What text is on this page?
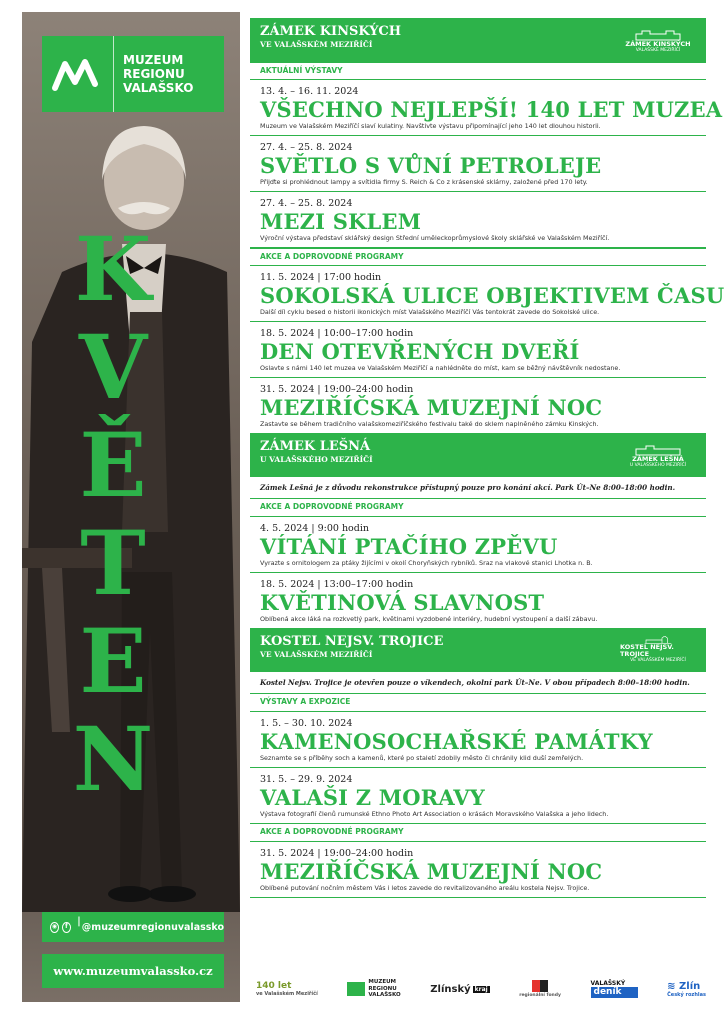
MUZEUM
REGIONU
VALAŠSKO
K
V
Ě
T
E
N
◉	f | @muzeumregionuvalassko
www.muzeumvalassko.cz
ZÁMEK KINSKÝCH
VE VALAŠSKÉM MEZIŘÍČÍ	ZÁMEK KINSKÝCH
VALAŠSKÉ MEZIŘÍČÍ
AKTUÁLNÍ VÝSTAVY
13. 4. – 16. 11. 2024
VŠECHNO NEJLEPŠÍ! 140 LET MUZEA
Muzeum ve Valašském Meziříčí slaví kulatiny. Navštivte výstavu připomínající jeho 140 let dlouhou historii.
27. 4. – 25. 8. 2024
SVĚTLO S VŮNÍ PETROLEJE
Přijďte si prohlédnout lampy a svítidla firmy S. Reich & Co z krásenské sklárny, založené před 170 lety.
27. 4. – 25. 8. 2024
MEZI SKLEM
Výroční výstava představí sklářský design Střední uměleckoprůmyslové školy sklářské ve Valašském Meziříčí.
AKCE A DOPROVODNÉ PROGRAMY
11. 5. 2024 | 17:00 hodin
SOKOLSKÁ ULICE OBJEKTIVEM ČASU
Další díl cyklu besed o historii ikonických míst Valašského Meziříčí Vás tentokrát zavede do Sokolské ulice.
18. 5. 2024 | 10:00–17:00 hodin
DEN OTEVŘENÝCH DVEŘÍ
Oslavte s námi 140 let muzea ve Valašském Meziříčí a nahlédněte do míst, kam se běžný návštěvník nedostane.
31. 5. 2024 | 19:00–24:00 hodin
MEZIŘÍČSKÁ MUZEJNÍ NOC
Zastavte se během tradičního valašskomeziříčského festivalu také do sklem naplněného zámku Kinských.
ZÁMEK LEŠNÁ
U VALAŠSKÉHO MEZIŘÍČÍ	ZÁMEK LEŠNÁ
U VALAŠSKÉHO MEZIŘÍČÍ
Zámek Lešná je z důvodu rekonstrukce přístupný pouze pro konání akcí. Park Út–Ne 8:00–18:00 hodin.
AKCE A DOPROVODNÉ PROGRAMY
4. 5. 2024 | 9:00 hodin
VÍTÁNÍ PTAČÍHO ZPĚVU
Vyrazte s ornitologem za ptáky žijícími v okolí Choryňských rybníků. Sraz na vlakové stanici Lhotka n. B.
18. 5. 2024 | 13:00–17:00 hodin
KVĚTINOVÁ SLAVNOST
Oblíbená akce láká na rozkvetlý park, květinami vyzdobené interiéry, hudební vystoupení a další zábavu.
KOSTEL NEJSV. TROJICE
VE VALAŠSKÉM MEZIŘÍČÍ
KOSTEL NEJSV. TROJICE
VE VALAŠSKÉM MEZIŘÍČÍ
Kostel Nejsv. Trojice je otevřen pouze o víkendech, okolní park Út–Ne. V obou případech 8:00–18:00 hodin.
VÝSTAVY A EXPOZICE
1. 5. – 30. 10. 2024
KAMENOSOCHAŘSKÉ PAMÁTKY
Seznamte se s příběhy soch a kamenů, které po staletí zdobily město či chránily klid duší zemřelých.
31. 5. – 29. 9. 2024
VALAŠI Z MORAVY
Výstava fotografií členů rumunské Ethno Photo Art Association o krásách Moravského Valašska a jeho lidech.
AKCE A DOPROVODNÉ PROGRAMY
31. 5. 2024 | 19:00–24:00 hodin
MEZIŘÍČSKÁ MUZEJNÍ NOC
Oblíbené putování nočním městem Vás i letos zavede do revitalizovaného areálu kostela Nejsv. Trojice.
140 let
ve Valašském Meziříčí
MUZEUM
REGIONU
VALAŠSKO
Zlínský kraj
regionální fondy
VALAŠSKÝ
deník
≋ Zlín
Český rozhlas
